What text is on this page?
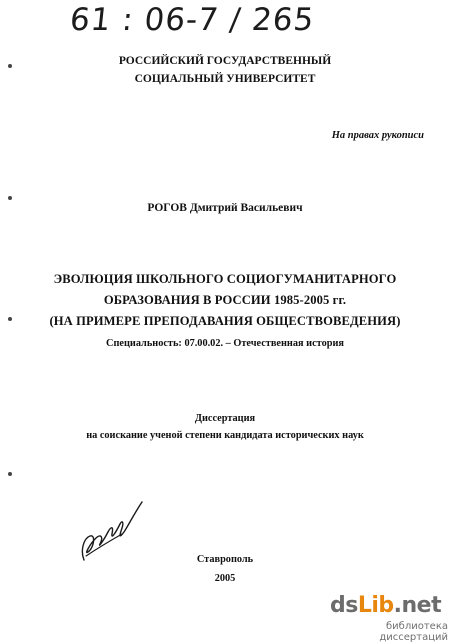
61 : 06-7 / 265
РОССИЙСКИЙ ГОСУДАРСТВЕННЫЙ
СОЦИАЛЬНЫЙ УНИВЕРСИТЕТ
На правах рукописи
РОГОВ Дмитрий Васильевич
ЭВОЛЮЦИЯ ШКОЛЬНОГО СОЦИОГУМАНИТАРНОГО
ОБРАЗОВАНИЯ В РОССИИ 1985-2005 гг.
(НА ПРИМЕРЕ ПРЕПОДАВАНИЯ ОБЩЕСТВОВЕДЕНИЯ)
Специальность: 07.00.02. – Отечественная история
Диссертация
на соискание ученой степени кандидата исторических наук
Ставрополь
2005
dsLib.net
библиотека диссертаций
